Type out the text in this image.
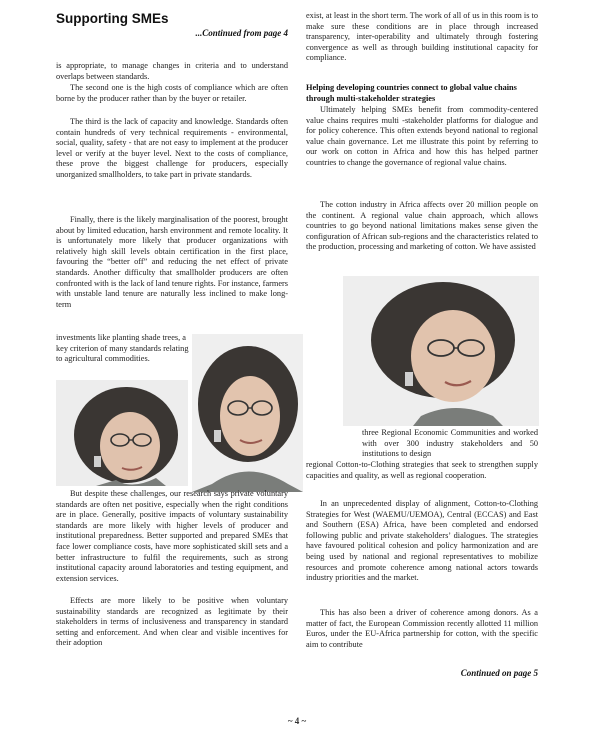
Supporting SMEs
...Continued from page 4

is appropriate, to manage changes in criteria and to understand overlaps between standards.

The second one is the high costs of compliance which are often borne by the producer rather than by the buyer or retailer.

The third is the lack of capacity and knowledge. Standards often contain hundreds of very technical requirements - environmental, social, quality, safety - that are not easy to implement at the producer level or verify at the buyer level. Next to the costs of compliance, these prove the biggest challenge for producers, especially unorganized smallholders, to take part in private standards.

Finally, there is the likely marginalisation of the poorest, brought about by limited education, harsh environment and remote locality. It is unfortunately more likely that producer organizations with relatively high skill levels obtain certification in the first place, favouring the “better off” and reducing the net effect of private standards. Another difficulty that smallholder producers are often confronted with is the lack of land tenure rights. For instance, farmers with unstable land tenure are naturally less inclined to make long-term

investments like planting shade trees, a key criterion of many standards relating to agricultural commodities.

But despite these challenges, our research says private voluntary standards are often net positive, especially when the right conditions are in place. Generally, positive impacts of voluntary sustainability standards are more likely with higher levels of producer and institutional preparedness. Better supported and prepared SMEs that face lower compliance costs, have more sophisticated skill sets and a better infrastructure to fulfil the requirements, such as strong institutional capacity around laboratories and testing equipment, and extension services.

Effects are more likely to be positive when voluntary sustainability standards are recognized as legitimate by their stakeholders in terms of inclusiveness and transparency in standard setting and enforcement. And when clear and visible incentives for their adoption

exist, at least in the short term. The work of all of us in this room is to make sure these conditions are in place through increased transparency, inter-operability and ultimately through fostering convergence as well as through building institutional capacity for compliance.

Helping developing countries connect to global value chains through multi-stakeholder strategies

Ultimately helping SMEs benefit from commodity-centered value chains requires multi -stakeholder platforms for dialogue and for policy coherence. This often extends beyond national to regional value chain governance. Let me illustrate this point by referring to our work on cotton in Africa and how this has helped partner countries to change the governance of regional value chains.

The cotton industry in Africa affects over 20 million people on the continent. A regional value chain approach, which allows countries to go beyond national limitations makes sense given the configuration of African sub-regions and the characteristics related to the production, processing and marketing of cotton. We have assisted

three Regional Economic Communities and worked with over 300 industry stakeholders and 50 institutions to design

regional Cotton-to-Clothing strategies that seek to strengthen supply capacities and quality, as well as regional cooperation.

In an unprecedented display of alignment, Cotton-to-Clothing Strategies for West (WAEMU/UEMOA), Central (ECCAS) and East and Southern (ESA) Africa, have been completed and endorsed following public and private stakeholders’ dialogues. The strategies have favoured political cohesion and policy harmonization and are being used by national and regional representatives to mobilize resources and promote coherence among national actors towards industry priorities and the market.

This has also been a driver of coherence among donors. As a matter of fact, the European Commission recently allotted 11 million Euros, under the EU-Africa partnership for cotton, with the specific aim to contribute

Continued on page 5
~ 4 ~
